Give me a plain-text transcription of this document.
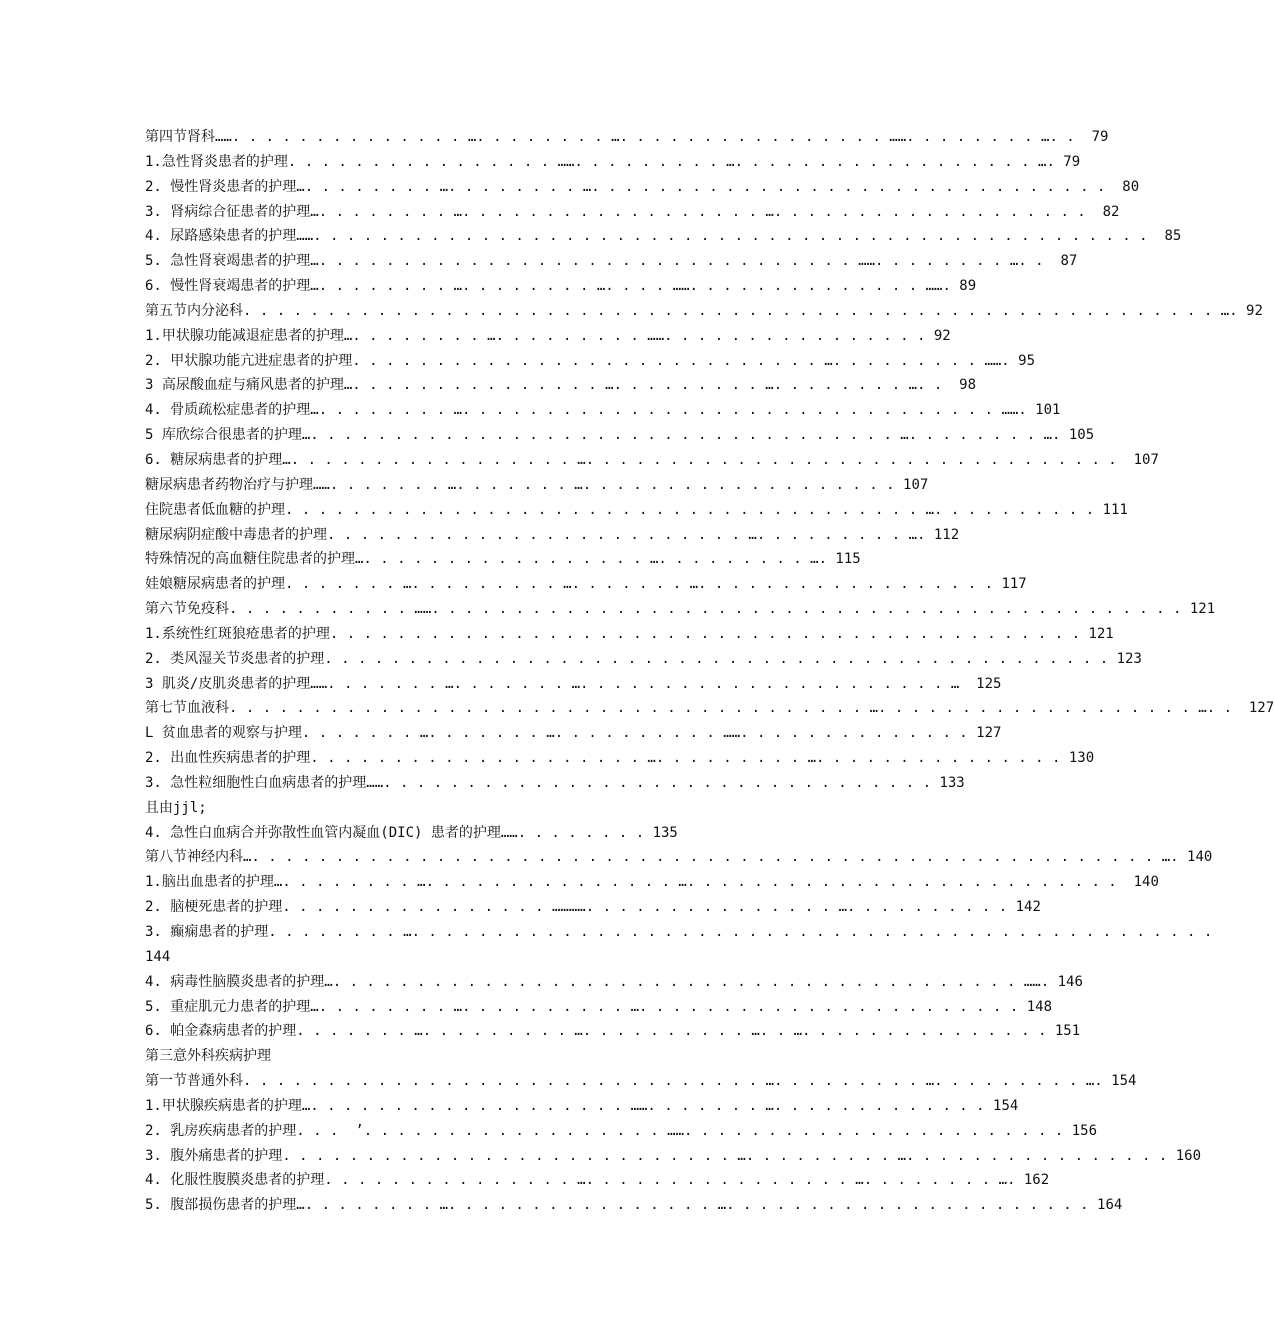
第四节肾科……. . . . . . . . . . . . . . …. . . . . . . . …. . . . . . . . . . . . . . . . ……. . . . . . . . …. .  79
1.急性肾炎患者的护理. . . . . . . . . . . . . . . . ……. . . . . . . . . …. . . . . . . . . . . . . . . . . . …. 79
2. 慢性肾炎患者的护理…. . . . . . . . …. . . . . . . . …. . . . . . . . . . . . . . . . . . . . . . . . . . . . . . .  80
3. 肾病综合征患者的护理…. . . . . . . . …. . . . . . . . . . . . . . . . . . …. . . . . . . . . . . . . . . . . . .  82
4. 尿路感染患者的护理……. . . . . . . . . . . . . . . . . . . . . . . . . . . . . . . . . . . . . . . . . . . . . . . . . .  85
5. 急性肾衰竭患者的护理…. . . . . . . . . . . . . . . . . . . . . . . . . . . . . . . . ……. . . . . . . . …. .  87
6. 慢性肾衰竭患者的护理…. . . . . . . . …. . . . . . . . …. . . . ……. . . . . . . . . . . . . . ……. 89
第五节内分泌科. . . . . . . . . . . . . . . . . . . . . . . . . . . . . . . . . . . . . . . . . . . . . . . . . . . . . . . . . . …. 92
1.甲状腺功能减退症患者的护理…. . . . . . . . …. . . . . . . . . ……. . . . . . . . . . . . . . . . 92
2. 甲状腺功能亢进症患者的护理. . . . . . . . . . . . . . . . . . . . . . . . . . . . …. . . . . . . . . ……. 95
3 高尿酸血症与痛风患者的护理…. . . . . . . . . . . . . . . …. . . . . . . . . …. . . . . . . . …. .  98
4. 骨质疏松症患者的护理…. . . . . . . . …. . . . . . . . . . . . . . . . . . . . . . . . . . . . . . . . ……. 101
5 库欣综合很患者的护理…. . . . . . . . . . . . . . . . . . . . . . . . . . . . . . . . . . . …. . . . . . . . …. 105
6. 糖尿病患者的护理…. . . . . . . . . . . . . . . . . …. . . . . . . . . . . . . . . . . . . . . . . . . . . . . . . .  107
糖尿病患者药物治疗与护理……. . . . . . . …. . . . . . . …. . . . . . . . . . . . . . . . . . . 107
住院患者低血糖的护理. . . . . . . . . . . . . . . . . . . . . . . . . . . . . . . . . . . . . . …. . . . . . . . . . 111
糖尿病阴症酸中毒患者的护理. . . . . . . . . . . . . . . . . . . . . . . . . …. . . . . . . . . …. 112
特殊情况的高血糖住院患者的护理…. . . . . . . . . . . . . . . . . …. . . . . . . . . …. 115
娃娘糖尿病患者的护理. . . . . . . …. . . . . . . . . …. . . . . . . …. . . . . . . . . . . . . . . . . . 117
第六节免疫科. . . . . . . . . . . ……. . . . . . . . . . . . . . . . . . . . . . . . . . . . . . . . . . . . . . . . . . . . . 121
1.系统性红斑狼疮患者的护理. . . . . . . . . . . . . . . . . . . . . . . . . . . . . . . . . . . . . . . . . . . . . 121
2. 类风湿关节炎患者的护理. . . . . . . . . . . . . . . . . . . . . . . . . . . . . . . . . . . . . . . . . . . . . . . 123
3 肌炎/皮肌炎患者的护理……. . . . . . . …. . . . . . . …. . . . . . . . . . . . . . . . . . . . . . …  125
第七节血液科. . . . . . . . . . . . . . . . . . . . . . . . . . . . . . . . . . . . . . …. . . . . . . . . . . . . . . . . . . …. .  127
L 贫血患者的观察与护理. . . . . . . …. . . . . . . …. . . . . . . . . . ……. . . . . . . . . . . . . . 127
2. 出血性疾病患者的护理. . . . . . . . . . . . . . . . . . . . …. . . . . . . . . …. . . . . . . . . . . . . . . 130
3. 急性粒细胞性白血病患者的护理……. . . . . . . . . . . . . . . . . . . . . . . . . . . . . . . . . 133
且由jjl;
4. 急性白血病合并弥散性血管内凝血(DIC) 患者的护理……. . . . . . . . 135
第八节神经内科…. . . . . . . . . . . . . . . . . . . . . . . . . . . . . . . . . . . . . . . . . . . . . . . . . . . . . . …. 140
1.脑出血患者的护理…. . . . . . . . …. . . . . . . . . . . . . . . …. . . . . . . . . . . . . . . . . . . . . . . . . .  140
2. 脑梗死患者的护理. . . . . . . . . . . . . . . . …………. . . . . . . . . . . . . . . …. . . . . . . . . . 142
3. 癫痫患者的护理. . . . . . . . …. . . . . . . . . . . . . . . . . . . . . . . . . . . . . . . . . . . . . . . . . . . . . . . .
144
4. 病毒性脑膜炎患者的护理…. . . . . . . . . . . . . . . . . . . . . . . . . . . . . . . . . . . . . . . . . ……. 146
5. 重症肌元力患者的护理…. . . . . . . . …. . . . . . . . . . …. . . . . . . . . . . . . . . . . . . . . . . 148
6. 帕金森病患者的护理. . . . . . . …. . . . . . . . . …. . . . . . . . . . …. . …. . . . . . . . . . . . . . . 151
第三意外科疾病护理
第一节普通外科. . . . . . . . . . . . . . . . . . . . . . . . . . . . . . . …. . . . . . . . . …. . . . . . . . . …. 154
1.甲状腺疾病患者的护理…. . . . . . . . . . . . . . . . . . . ……. . . . . . . …. . . . . . . . . . . . . 154
2. 乳房疾病患者的护理. . .  ’. . . . . . . . . . . . . . . . . . ……. . . . . . . . . . . . . . . . . . . . . . . 156
3. 腹外痛患者的护理. . . . . . . . . . . . . . . . . . . . . . . . . . . …. . . . . . . . . …. . . . . . . . . . . . . . . . 160
4. 化服性腹膜炎患者的护理. . . . . . . . . . . . . . . …. . . . . . . . . . . . . . . . …. . . . . . . . …. 162
5. 腹部损伤患者的护理…. . . . . . . . …. . . . . . . . . . . . . . . . …. . . . . . . . . . . . . . . . . . . . . . 164
